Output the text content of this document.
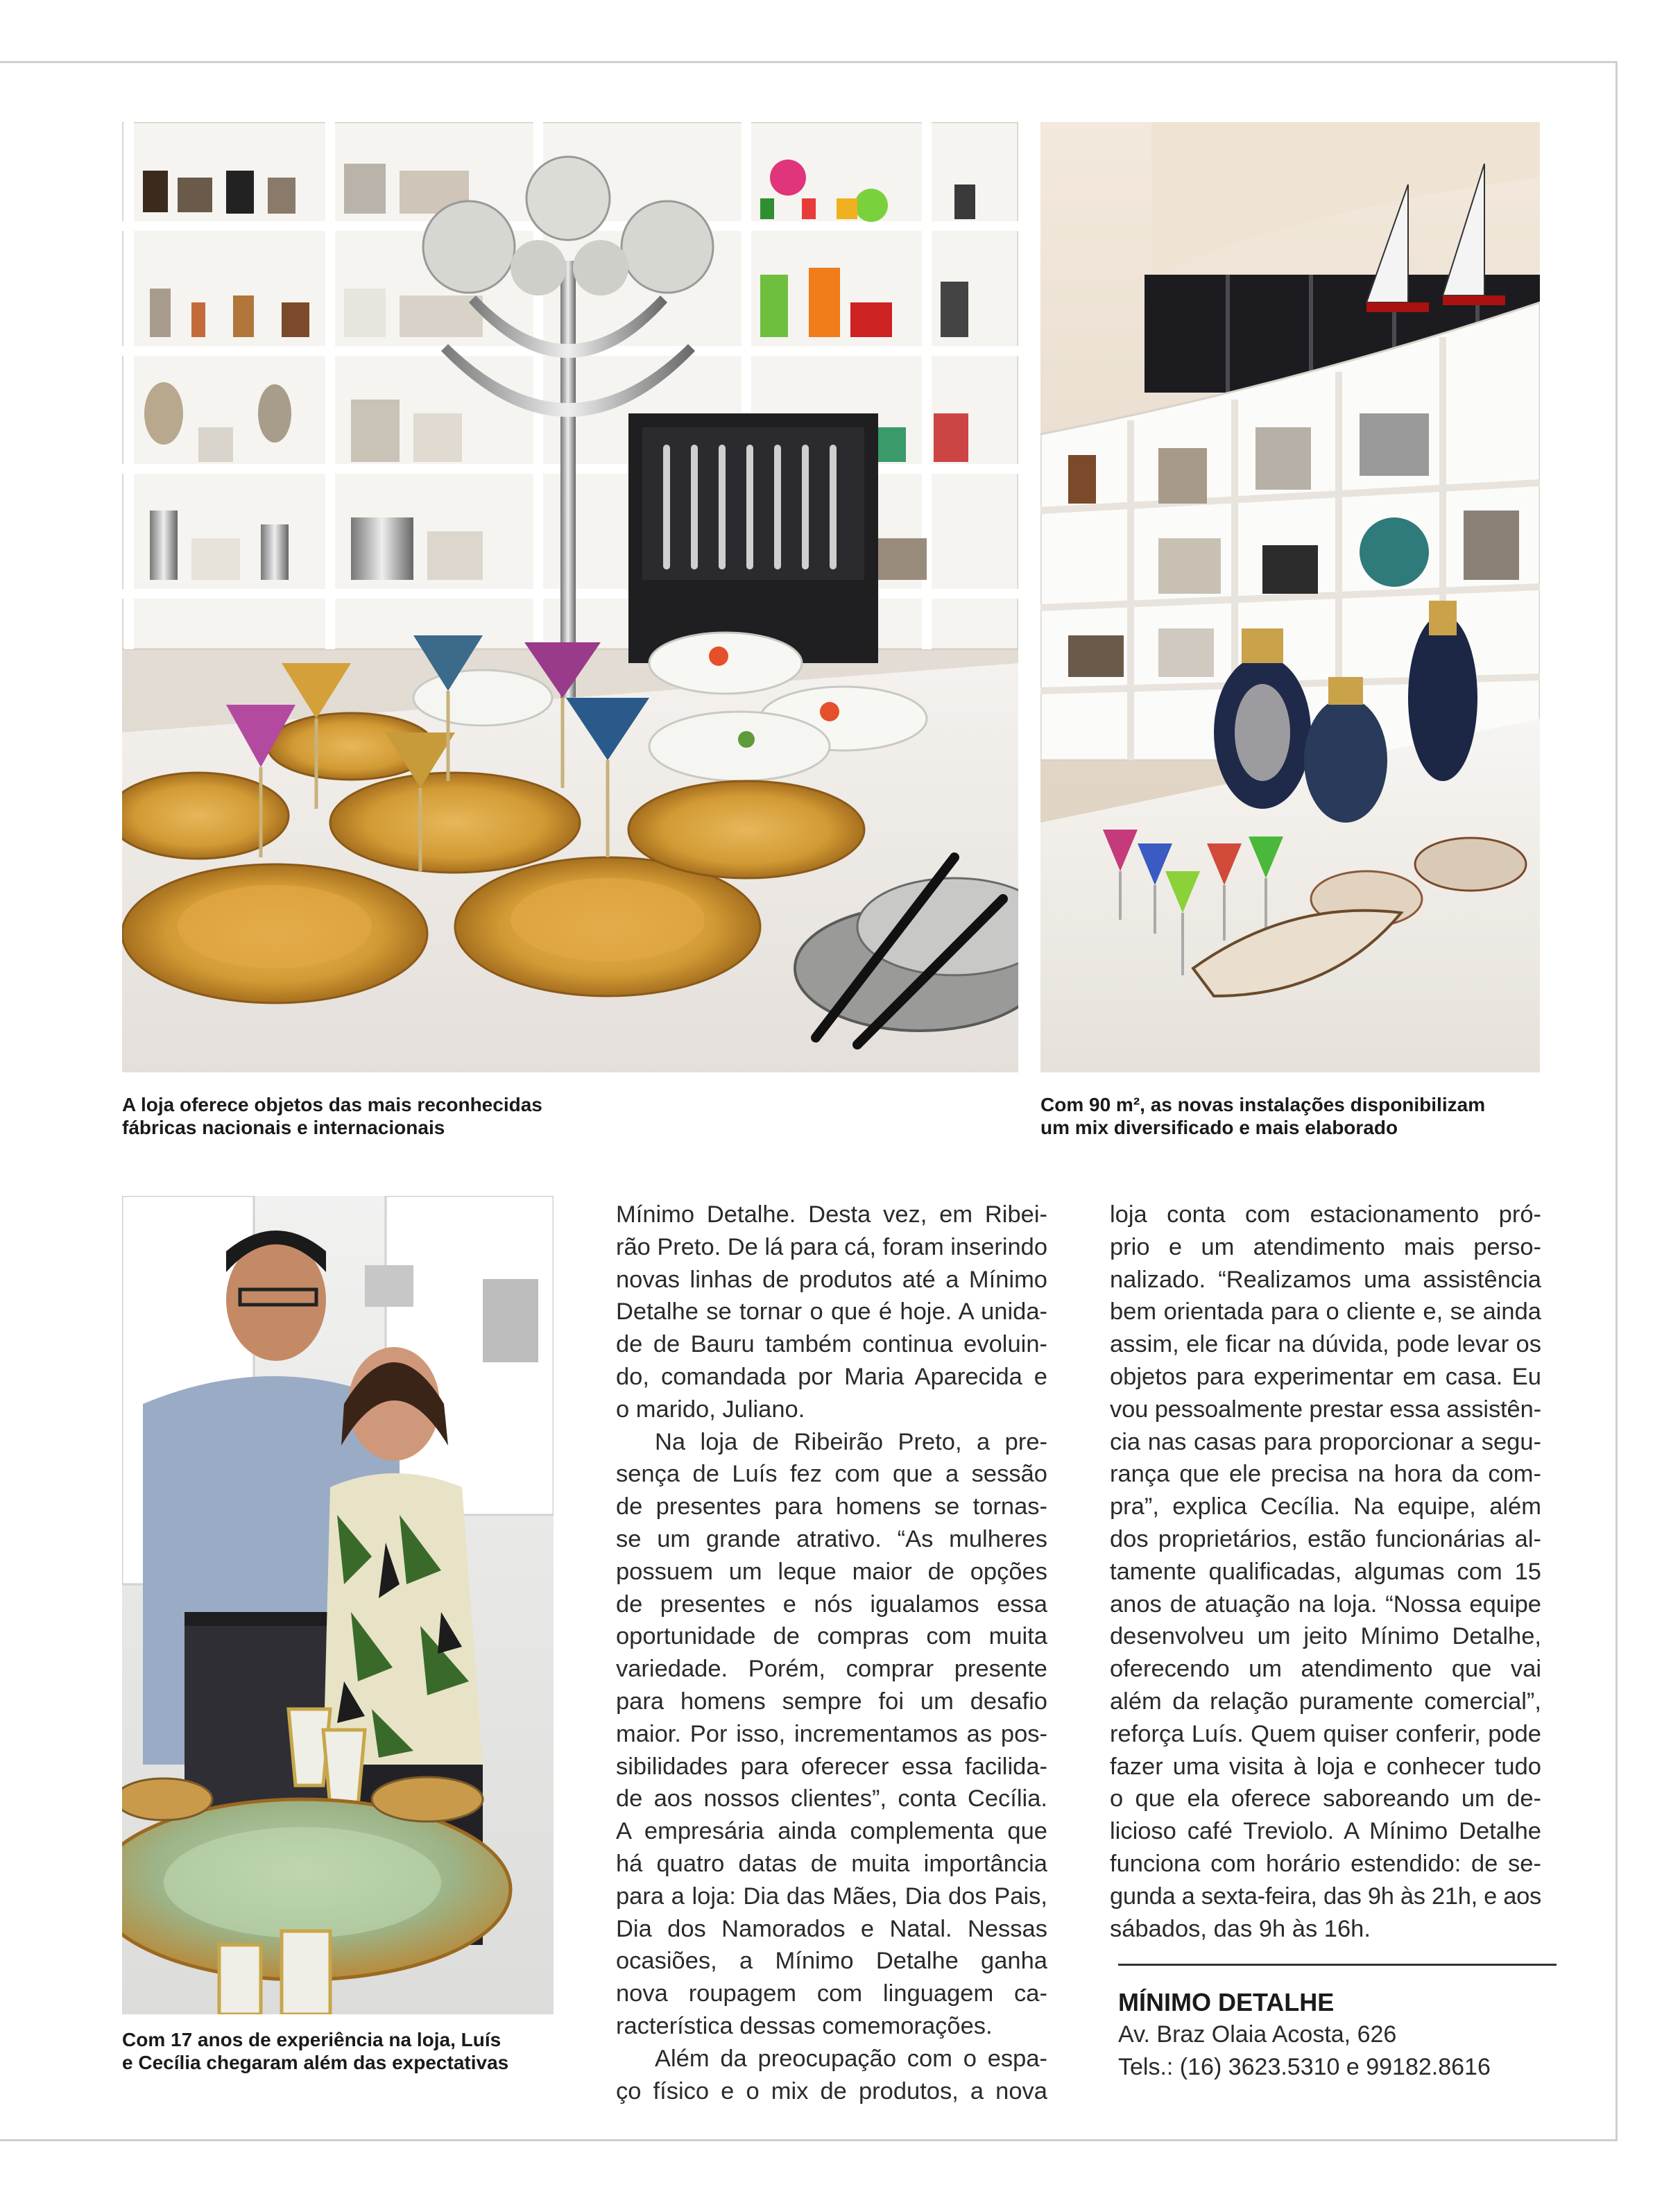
A loja oferece objetos das mais reconhecidas
fábricas nacionais e internacionais
Com 90 m², as novas instalações disponibilizam
um mix diversificado e mais elaborado
Com 17 anos de experiência na loja, Luís
e Cecília chegaram além das expectativas
Mínimo Detalhe. Desta vez, em Ribei-
rão Preto. De lá para cá, foram inserindo
novas linhas de produtos até a Mínimo
Detalhe se tornar o que é hoje. A unida-
de de Bauru também continua evoluin-
do, comandada por Maria Aparecida e
o marido, Juliano.
Na loja de Ribeirão Preto, a pre-
sença de Luís fez com que a sessão
de presentes para homens se tornas-
se um grande atrativo. “As mulheres
possuem um leque maior de opções
de presentes e nós igualamos essa
oportunidade de compras com muita
variedade. Porém, comprar presente
para homens sempre foi um desafio
maior. Por isso, incrementamos as pos-
sibilidades para oferecer essa facilida-
de aos nossos clientes”, conta Cecília.
A empresária ainda complementa que
há quatro datas de muita importância
para a loja: Dia das Mães, Dia dos Pais,
Dia dos Namorados e Natal. Nessas
ocasiões, a Mínimo Detalhe ganha
nova roupagem com linguagem ca-
racterística dessas comemorações.
Além da preocupação com o espa-
ço físico e o mix de produtos, a nova
loja conta com estacionamento pró-
prio e um atendimento mais perso-
nalizado. “Realizamos uma assistência
bem orientada para o cliente e, se ainda
assim, ele ficar na dúvida, pode levar os
objetos para experimentar em casa. Eu
vou pessoalmente prestar essa assistên-
cia nas casas para proporcionar a segu-
rança que ele precisa na hora da com-
pra”, explica Cecília. Na equipe, além
dos proprietários, estão funcionárias al-
tamente qualificadas, algumas com 15
anos de atuação na loja. “Nossa equipe
desenvolveu um jeito Mínimo Detalhe,
oferecendo um atendimento que vai
além da relação puramente comercial”,
reforça Luís. Quem quiser conferir, pode
fazer uma visita à loja e conhecer tudo
o que ela oferece saboreando um de-
licioso café Treviolo. A Mínimo Detalhe
funciona com horário estendido: de se-
gunda a sexta-feira, das 9h às 21h, e aos
sábados, das 9h às 16h.
MÍNIMO DETALHE
Av. Braz Olaia Acosta, 626
Tels.: (16) 3623.5310 e 99182.8616
